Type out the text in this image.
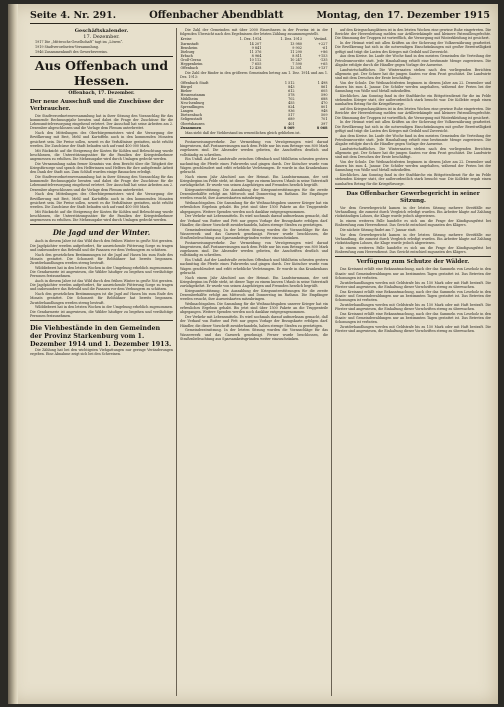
Seite 4. Nr. 291.	Offenbacher Abendblatt	Montag, den 17. Dezember 1915
Geschäftskalender.
17. Dezember.

1917 Die „Mittwochs-Gesellschaft“ tagt im „Löwen“.

1919 Stadtverordneten-Versammlung.

1946 Zusammenkunft des Gewerbevereins.

Aus Offenbach und Hessen.
Offenbach, 17. Dezember.
Der neue Ausschuß und die Zuschüsse der Verbraucher.

Die Stadtverordnetenversammlung hat in ihrer Sitzung den Voranschlag für das kommende Rechnungsjahr beraten und dabei die Frage der Zuschüsse für die Lebensmittelversorgung eingehend erörtert. Der Ausschuß hat seine Arbeiten am 2. Dezember abgeschlossen und die Vorlage dem Plenum unterbreitet.

Nach den Mitteilungen des Oberbürgermeisters wird die Versorgung der Bevölkerung mit Brot, Mehl und Kartoffeln auch in den kommenden Monaten gesichert sein. Die Preise sollen, soweit es die Verhältnisse gestatten, nicht erhöht werden. Die Zuschüsse der Stadt belaufen sich auf rund 400 000 Mark.

Mit Rücksicht auf die Steigerung der Kosten für Kohlen und Beleuchtung wurde beschlossen, die Unterstützungssätze für die Familien der Kriegsteilnehmer angemessen zu erhöhen. Die Mehrausgabe wird durch Umlagen gedeckt werden.

Die Versammlung nahm ferner Kenntnis von dem Bericht über die Tätigkeit der Kriegsfürsorge und sprach den Helferinnen und Helfern für ihre aufopfernde Arbeit den Dank der Stadt aus. Zum Schluß wurden einige Bausachen erledigt.

Die Stadtverordnetenversammlung hat in ihrer Sitzung den Voranschlag für das kommende Rechnungsjahr beraten und dabei die Frage der Zuschüsse für die Lebensmittelversorgung eingehend erörtert. Der Ausschuß hat seine Arbeiten am 2. Dezember abgeschlossen und die Vorlage dem Plenum unterbreitet.

Nach den Mitteilungen des Oberbürgermeisters wird die Versorgung der Bevölkerung mit Brot, Mehl und Kartoffeln auch in den kommenden Monaten gesichert sein. Die Preise sollen, soweit es die Verhältnisse gestatten, nicht erhöht werden. Die Zuschüsse der Stadt belaufen sich auf rund 400 000 Mark.

Mit Rücksicht auf die Steigerung der Kosten für Kohlen und Beleuchtung wurde beschlossen, die Unterstützungssätze für die Familien der Kriegsteilnehmer angemessen zu erhöhen. Die Mehrausgabe wird durch Umlagen gedeckt werden.

Die Jagd und der Winter.

Auch in diesem Jahre ist das Wild durch den frühen Winter in große Not geraten. Die Jagdpächter werden aufgefordert, für ausreichende Fütterung Sorge zu tragen und insbesondere das Rehwild und die Fasanen vor dem Verhungern zu schützen.

Nach den gesetzlichen Bestimmungen ist die Jagd auf Hasen bis zum Ende des Monats gestattet. Die Schonzeit für Rebhühner hat bereits begonnen. Zuwiderhandlungen werden streng bestraft.

Wilddieberei hat in den letzten Wochen in der Umgebung erheblich zugenommen. Die Gendarmerie ist angewiesen, die Wälder häufiger zu begehen und verdächtige Personen festzunehmen.

Auch in diesem Jahre ist das Wild durch den frühen Winter in große Not geraten. Die Jagdpächter werden aufgefordert, für ausreichende Fütterung Sorge zu tragen und insbesondere das Rehwild und die Fasanen vor dem Verhungern zu schützen.

Nach den gesetzlichen Bestimmungen ist die Jagd auf Hasen bis zum Ende des Monats gestattet. Die Schonzeit für Rebhühner hat bereits begonnen. Zuwiderhandlungen werden streng bestraft.

Wilddieberei hat in den letzten Wochen in der Umgebung erheblich zugenommen. Die Gendarmerie ist angewiesen, die Wälder häufiger zu begehen und verdächtige Personen festzunehmen.

Die Viehbestände in den Gemeinden der Provinz Starkenburg vom 1. Dezember 1914 und 1. Dezember 1913.

Die Zählung hat bei den wichtigsten Viehgattungen nur geringe Veränderungen ergeben. Eine Abnahme zeigt sich bei den Schweinen.

Die Zahl der Gemeinden mit über 2000 Einwohnern in der Provinz ist in der folgenden Übersicht nach den Ergebnissen der letzten Zählung zusammengestellt.

Kreise	1. Dez. 1914	1. Dez. 1913	Veränd.
Darmstadt	14 207	13 980	+227
Bensheim	9 841	9 902	-61
Dieburg	11 376	11 290	+86
Erbach	8 964	8 811	+153
Groß-Gerau	10 112	10 247	-135
Heppenheim	7 655	7 590	+65
Offenbach	12 438	12 301	+137

Die Zahl der Rinder in den größeren Gemeinden betrug am 1. Dez. 1914 und am 1. Dez. 1913:

Offenbach Stadt	1 512	1 498
Bürgel	843	861
Bieber	612	605
Heusenstamm	578	590
Mühlheim	702	688
Neu-Isenburg	455	470
Sprendlingen	824	801
Langen	936	948
Dietzenbach	517	509
Seligenstadt	689	701
Obertshausen	401	397
Zusammen	8 069	8 068

Man sieht daß der Viehbestand im wesentlichen gleich geblieben ist.

Postanweisungsverkehr. Zur Vermeidung von Verzögerungen wird darauf hingewiesen, daß Postanweisungen nach dem Felde nur bis zum Betrage von 800 Mark zugelassen sind. Die Absender werden gebeten, die Anschriften deutlich und vollständig zu schreiben.

Ein Unfall. Auf der Landstraße zwischen Offenbach und Mühlheim scheuten gestern nachmittag die Pferde eines Fuhrwerks und gingen durch. Der Kutscher wurde vom Wagen geschleudert und erlitt erhebliche Verletzungen. Er wurde in das Krankenhaus gebracht.

Nach einem Jahr Abschied aus der Heimat. Ein Landsturmmann, der seit Kriegsbeginn im Felde steht, ist dieser Tage zu einem kurzen Urlaub in seine Vaterstadt zurückgekehrt. Er wurde von seinen Angehörigen und Freunden herzlich begrüßt.

Kriegsunterstützung. Die Auszahlung der Kriegsunterstützungen für die zweite Dezemberhälfte erfolgt am Mittwoch und Donnerstag im Rathaus. Die Empfänger werden ersucht, ihre Ausweiskarten mitzubringen.

Weihnachtsgaben. Die Sammlung für die Weihnachtsgaben unserer Krieger hat ein erfreuliches Ergebnis gehabt. Bis jetzt sind über 1500 Pakete an die Truppenteile abgegangen. Weitere Spenden werden noch dankbar entgegengenommen.

Der Verkehr mit Lebensmitteln. Es wird nochmals darauf aufmerksam gemacht, daß der Verkauf von Butter und Fett nur gegen Vorlage der Bezugskarte erfolgen darf. Händler, die dieser Vorschrift zuwiderhandeln, haben strenge Strafen zu gewärtigen.

Gemeinderatssitzung. In der letzten Sitzung wurden die Voranschläge für das Wasserwerk und das Gaswerk genehmigt. Ferner wurde beschlossen, die Straßenbeleuchtung aus Sparsamkeitsgründen weiter einzuschränken.

Postanweisungsverkehr. Zur Vermeidung von Verzögerungen wird darauf hingewiesen, daß Postanweisungen nach dem Felde nur bis zum Betrage von 800 Mark zugelassen sind. Die Absender werden gebeten, die Anschriften deutlich und vollständig zu schreiben.

Ein Unfall. Auf der Landstraße zwischen Offenbach und Mühlheim scheuten gestern nachmittag die Pferde eines Fuhrwerks und gingen durch. Der Kutscher wurde vom Wagen geschleudert und erlitt erhebliche Verletzungen. Er wurde in das Krankenhaus gebracht.

Nach einem Jahr Abschied aus der Heimat. Ein Landsturmmann, der seit Kriegsbeginn im Felde steht, ist dieser Tage zu einem kurzen Urlaub in seine Vaterstadt zurückgekehrt. Er wurde von seinen Angehörigen und Freunden herzlich begrüßt.

Kriegsunterstützung. Die Auszahlung der Kriegsunterstützungen für die zweite Dezemberhälfte erfolgt am Mittwoch und Donnerstag im Rathaus. Die Empfänger werden ersucht, ihre Ausweiskarten mitzubringen.

Weihnachtsgaben. Die Sammlung für die Weihnachtsgaben unserer Krieger hat ein erfreuliches Ergebnis gehabt. Bis jetzt sind über 1500 Pakete an die Truppenteile abgegangen. Weitere Spenden werden noch dankbar entgegengenommen.

Der Verkehr mit Lebensmitteln. Es wird nochmals darauf aufmerksam gemacht, daß der Verkauf von Butter und Fett nur gegen Vorlage der Bezugskarte erfolgen darf. Händler, die dieser Vorschrift zuwiderhandeln, haben strenge Strafen zu gewärtigen.

Gemeinderatssitzung. In der letzten Sitzung wurden die Voranschläge für das Wasserwerk und das Gaswerk genehmigt. Ferner wurde beschlossen, die Straßenbeleuchtung aus Sparsamkeitsgründen weiter einzuschränken.

auf den Kriegsschauplätzen ist in den letzten Wochen eine gewisse Ruhe eingetreten. Die Berichte der Heeresleitung melden nur Artilleriekämpfe und kleinere Patrouillengefechte. Die Stimmung der Truppen ist vortrefflich, die Versorgung mit Winterkleidung ist gesichert.

In der Heimat wird mit allen Kräften an der Sicherung der Volksernährung gearbeitet. Die Bevölkerung hat sich in die notwendigen Einschränkungen mit großer Bereitwilligkeit gefügt und trägt die Lasten des Krieges mit Geduld und Zuversicht.

Aus dem Kreise. Im Laufe der Woche fand in den meisten Gemeinden die Verteilung der Petroleumvorräte statt. Jede Haushaltung erhielt eine bestimmte Menge zugewiesen. Die Abgabe erfolgte durch die Händler gegen Vorlage der Ausweise.

Landwirtschaftliches. Die Wintersaaten stehen nach den vorliegenden Berichten allgemein gut. Der Schnee hat die jungen Saaten vor dem Frost geschützt. Die Landwirte sind mit dem Dreschen der Ernte beschäftigt.

Von der Schule. Die Weihnachtsferien beginnen in diesem Jahre am 22. Dezember und dauern bis zum 4. Januar. Die Schüler werden angehalten, während der Ferien bei der Sammlung von Wolle und Metall mitzuhelfen.

Kirchliches. Am Sonntag fand in der Stadtkirche ein Bittgottesdienst für die im Felde stehenden Krieger statt, der außerordentlich stark besucht war. Die Kollekte ergab einen namhaften Betrag für die Kriegsfürsorge.

auf den Kriegsschauplätzen ist in den letzten Wochen eine gewisse Ruhe eingetreten. Die Berichte der Heeresleitung melden nur Artilleriekämpfe und kleinere Patrouillengefechte. Die Stimmung der Truppen ist vortrefflich, die Versorgung mit Winterkleidung ist gesichert.

In der Heimat wird mit allen Kräften an der Sicherung der Volksernährung gearbeitet. Die Bevölkerung hat sich in die notwendigen Einschränkungen mit großer Bereitwilligkeit gefügt und trägt die Lasten des Krieges mit Geduld und Zuversicht.

Aus dem Kreise. Im Laufe der Woche fand in den meisten Gemeinden die Verteilung der Petroleumvorräte statt. Jede Haushaltung erhielt eine bestimmte Menge zugewiesen. Die Abgabe erfolgte durch die Händler gegen Vorlage der Ausweise.

Landwirtschaftliches. Die Wintersaaten stehen nach den vorliegenden Berichten allgemein gut. Der Schnee hat die jungen Saaten vor dem Frost geschützt. Die Landwirte sind mit dem Dreschen der Ernte beschäftigt.

Von der Schule. Die Weihnachtsferien beginnen in diesem Jahre am 22. Dezember und dauern bis zum 4. Januar. Die Schüler werden angehalten, während der Ferien bei der Sammlung von Wolle und Metall mitzuhelfen.

Kirchliches. Am Sonntag fand in der Stadtkirche ein Bittgottesdienst für die im Felde stehenden Krieger statt, der außerordentlich stark besucht war. Die Kollekte ergab einen namhaften Betrag für die Kriegsfürsorge.

Das Offenbacher Gewerbegericht in seiner Sitzung.

Vor dem Gewerbegericht kamen in der letzten Sitzung mehrere Streitfälle zur Verhandlung, die zumeist durch Vergleich erledigt wurden. Ein Arbeiter klagte auf Zahlung rückständigen Lohnes, die Klage wurde jedoch abgewiesen.

In einem weiteren Falle handelte es sich um die Frage der Kündigungsfrist bei Einberufung zum Heeresdienst. Das Gericht entschied zugunsten des Klägers.

Die nächste Sitzung findet am 7. Januar statt.

Vor dem Gewerbegericht kamen in der letzten Sitzung mehrere Streitfälle zur Verhandlung, die zumeist durch Vergleich erledigt wurden. Ein Arbeiter klagte auf Zahlung rückständigen Lohnes, die Klage wurde jedoch abgewiesen.

In einem weiteren Falle handelte es sich um die Frage der Kündigungsfrist bei Einberufung zum Heeresdienst. Das Gericht entschied zugunsten des Klägers.

Verfügung zum Schutze der Wälder.

Das Kreisamt erläßt eine Bekanntmachung, nach der das Sammeln von Leseholz in den Staats- und Gemeindewaldungen nur an bestimmten Tagen gestattet ist. Das Betreten der Schonungen ist verboten.

Zuwiderhandlungen werden mit Geldstrafe bis zu 150 Mark oder mit Haft bestraft. Die Förster sind angewiesen, die Einhaltung dieser Vorschriften streng zu überwachen.

Das Kreisamt erläßt eine Bekanntmachung, nach der das Sammeln von Leseholz in den Staats- und Gemeindewaldungen nur an bestimmten Tagen gestattet ist. Das Betreten der Schonungen ist verboten.

Zuwiderhandlungen werden mit Geldstrafe bis zu 150 Mark oder mit Haft bestraft. Die Förster sind angewiesen, die Einhaltung dieser Vorschriften streng zu überwachen.

Das Kreisamt erläßt eine Bekanntmachung, nach der das Sammeln von Leseholz in den Staats- und Gemeindewaldungen nur an bestimmten Tagen gestattet ist. Das Betreten der Schonungen ist verboten.

Zuwiderhandlungen werden mit Geldstrafe bis zu 150 Mark oder mit Haft bestraft. Die Förster sind angewiesen, die Einhaltung dieser Vorschriften streng zu überwachen.
